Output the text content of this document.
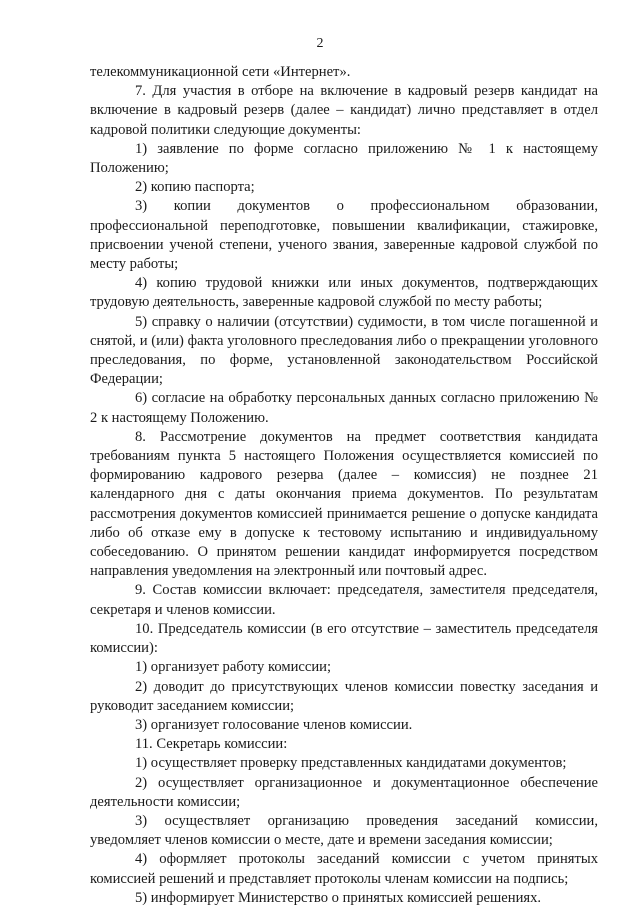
2

телекоммуникационной сети «Интернет».

7. Для участия в отборе на включение в кадровый резерв кандидат на включение в кадровый резерв (далее – кандидат) лично представляет в отдел кадровой политики следующие документы:

1) заявление по форме согласно приложению № 1 к настоящему Положению;

2) копию паспорта;

3) копии документов о профессиональном образовании, профессиональной переподготовке, повышении квалификации, стажировке, присвоении ученой степени, ученого звания, заверенные кадровой службой по месту работы;

4) копию трудовой книжки или иных документов, подтверждающих трудовую деятельность, заверенные кадровой службой по месту работы;

5) справку о наличии (отсутствии) судимости, в том числе погашенной и снятой, и (или) факта уголовного преследования либо о прекращении уголовного преследования, по форме, установленной законодательством Российской Федерации;

6) согласие на обработку персональных данных согласно приложению № 2 к настоящему Положению.

8. Рассмотрение документов на предмет соответствия кандидата требованиям пункта 5 настоящего Положения осуществляется комиссией по формированию кадрового резерва (далее – комиссия) не позднее 21 календарного дня с даты окончания приема документов. По результатам рассмотрения документов комиссией принимается решение о допуске кандидата либо об отказе ему в допуске к тестовому испытанию и индивидуальному собеседованию. О принятом решении кандидат информируется посредством направления уведомления на электронный или почтовый адрес.

9. Состав комиссии включает: председателя, заместителя председателя, секретаря и членов комиссии.

10. Председатель комиссии (в его отсутствие – заместитель председателя комиссии):

1) организует работу комиссии;

2) доводит до присутствующих членов комиссии повестку заседания и руководит заседанием комиссии;

3) организует голосование членов комиссии.

11. Секретарь комиссии:

1) осуществляет проверку представленных кандидатами документов;

2) осуществляет организационное и документационное обеспечение деятельности комиссии;

3) осуществляет организацию проведения заседаний комиссии, уведомляет членов комиссии о месте, дате и времени заседания комиссии;

4) оформляет протоколы заседаний комиссии с учетом принятых комиссией решений и представляет протоколы членам комиссии на подпись;

5) информирует Министерство о принятых комиссией решениях.
